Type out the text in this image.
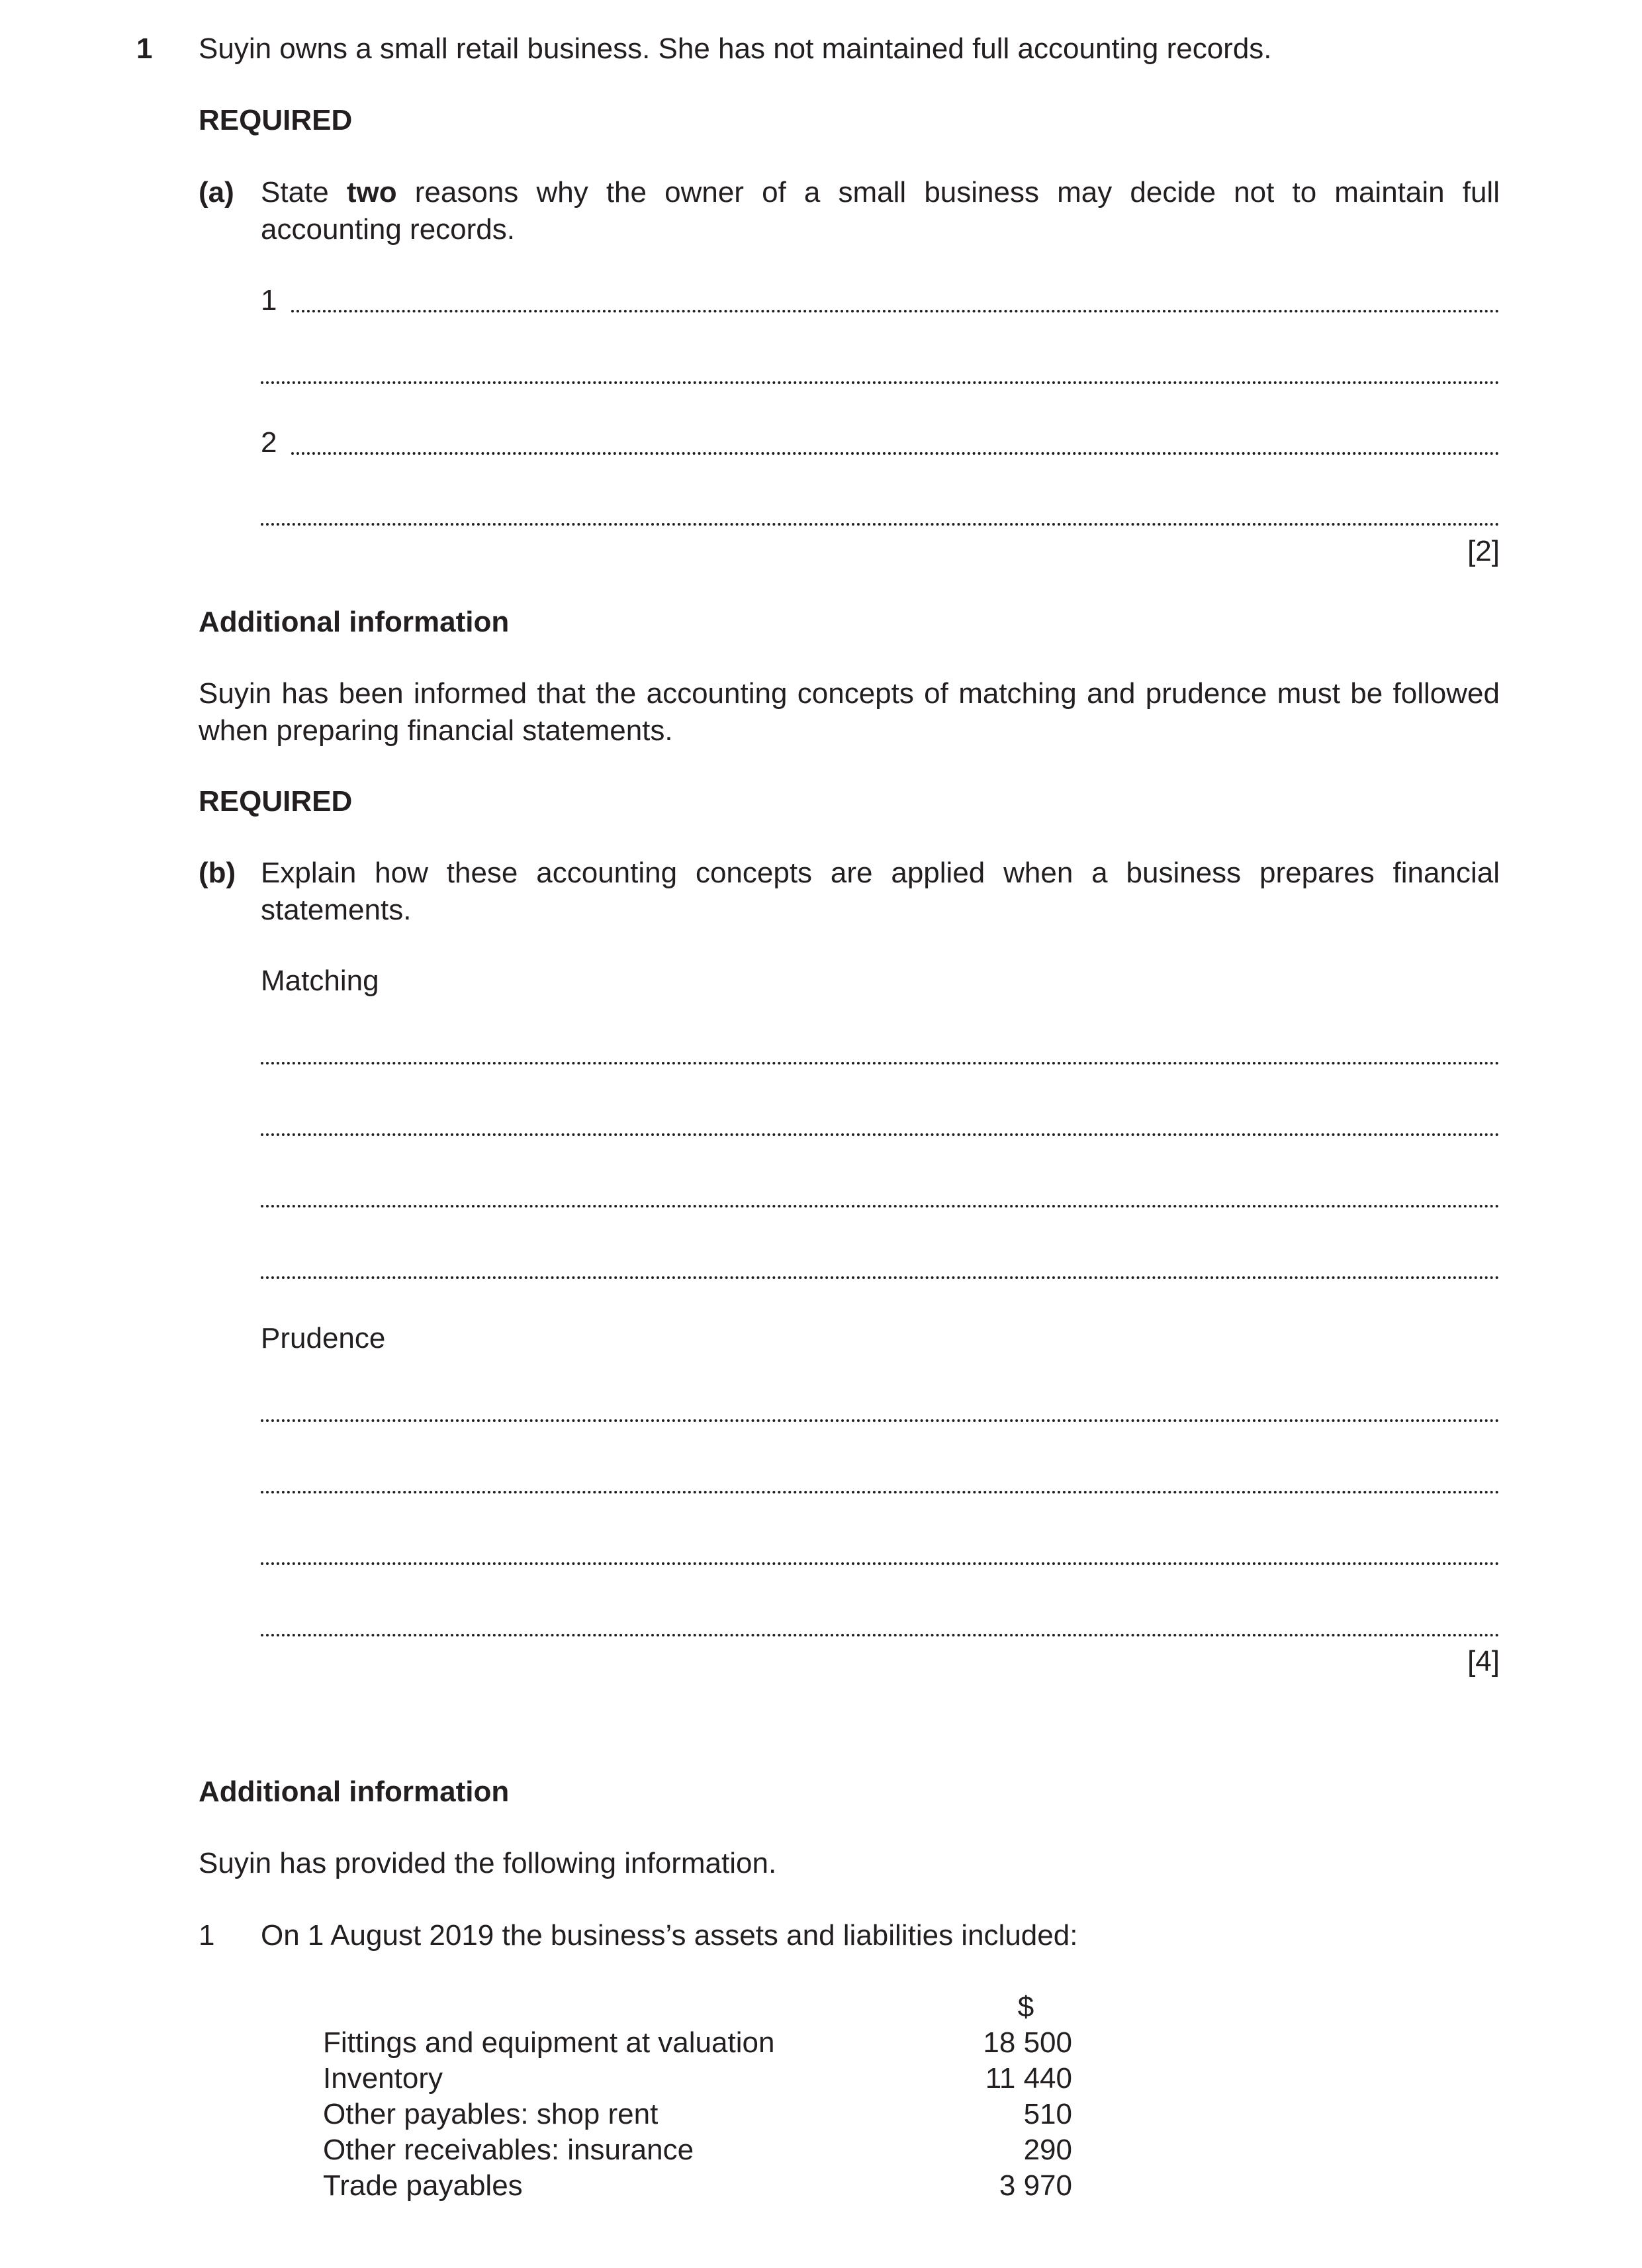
1 Suyin owns a small retail business. She has not maintained full accounting records.
REQUIRED
(a) State two reasons why the owner of a small business may decide not to maintain full accounting records.
1
2
[2]
Additional information
Suyin has been informed that the accounting concepts of matching and prudence must be followed when preparing financial statements.
REQUIRED
(b) Explain how these accounting concepts are applied when a business prepares financial statements.
Matching
Prudence
[4]
Additional information
Suyin has provided the following information.
1 On 1 August 2019 the business’s assets and liabilities included:
$
Fittings and equipment at valuation	18 500
Inventory	11 440
Other payables: shop rent	510
Other receivables: insurance	290
Trade payables	3 970
